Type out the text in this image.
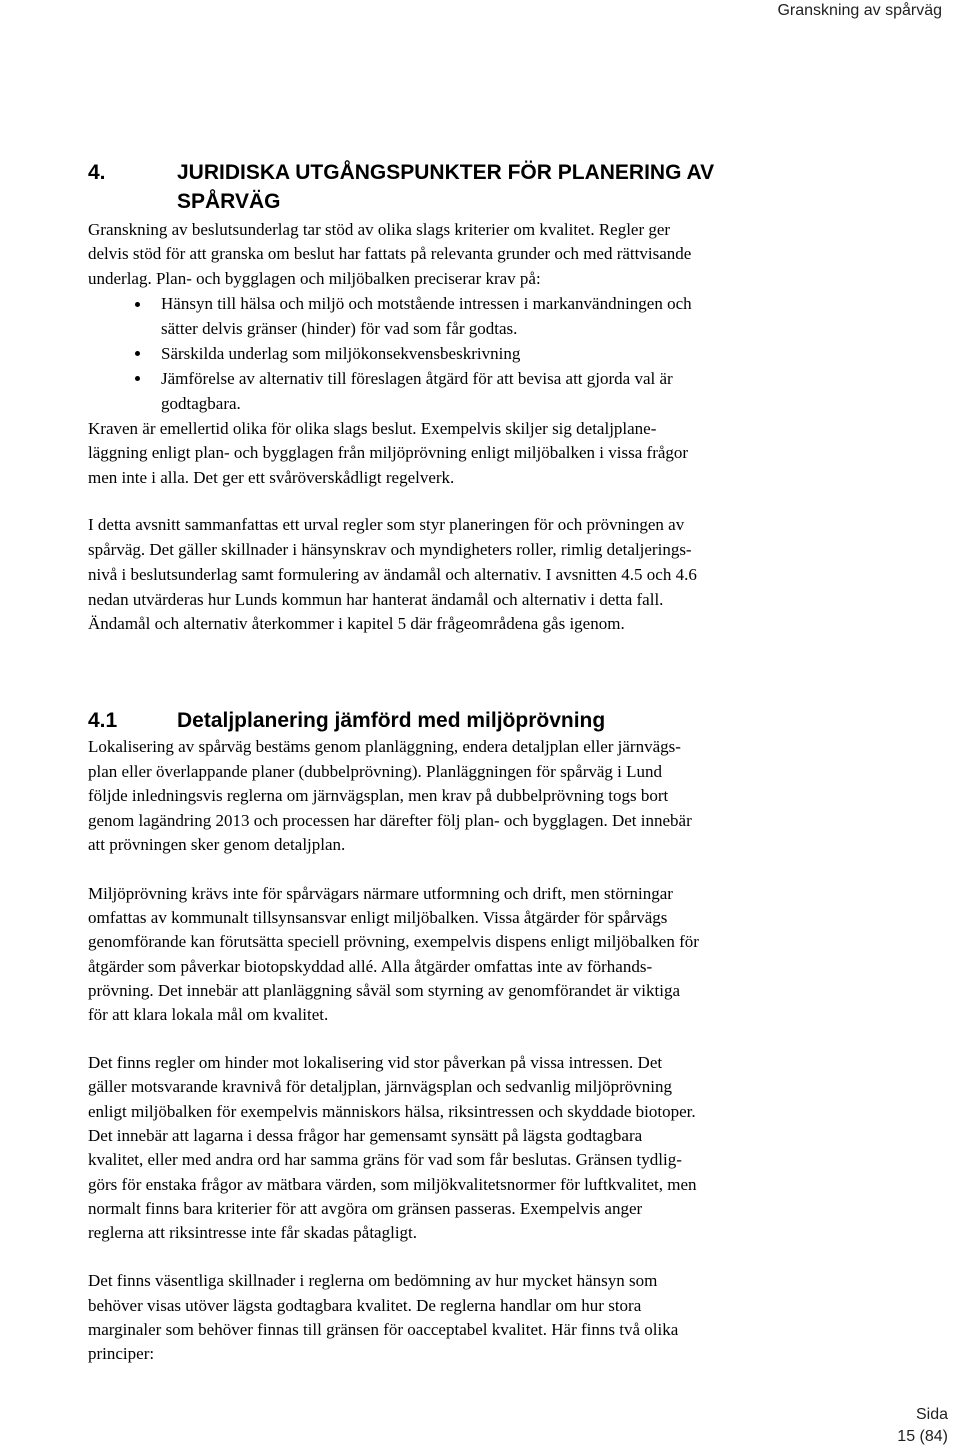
Granskning av spårväg
4.	JURIDISKA UTGÅNGSPUNKTER FÖR PLANERING AV
SPÅRVÄG
Granskning av beslutsunderlag tar stöd av olika slags kriterier om kvalitet. Regler ger
delvis stöd för att granska om beslut har fattats på relevanta grunder och med rättvisande
underlag. Plan- och bygglagen och miljöbalken preciserar krav på:
Hänsyn till hälsa och miljö och motstående intressen i markanvändningen och
sätter delvis gränser (hinder) för vad som får godtas.
Särskilda underlag som miljökonsekvensbeskrivning
Jämförelse av alternativ till föreslagen åtgärd för att bevisa att gjorda val är
godtagbara.
Kraven är emellertid olika för olika slags beslut. Exempelvis skiljer sig detaljplane-
läggning enligt plan- och bygglagen från miljöprövning enligt miljöbalken i vissa frågor
men inte i alla. Det ger ett svåröverskådligt regelverk.
I detta avsnitt sammanfattas ett urval regler som styr planeringen för och prövningen av
spårväg. Det gäller skillnader i hänsynskrav och myndigheters roller, rimlig detaljerings-
nivå i beslutsunderlag samt formulering av ändamål och alternativ. I avsnitten 4.5 och 4.6
nedan utvärderas hur Lunds kommun har hanterat ändamål och alternativ i detta fall.
Ändamål och alternativ återkommer i kapitel 5 där frågeområdena gås igenom.
4.1	Detaljplanering jämförd med miljöprövning
Lokalisering av spårväg bestäms genom planläggning, endera detaljplan eller järnvägs-
plan eller överlappande planer (dubbelprövning). Planläggningen för spårväg i Lund
följde inledningsvis reglerna om järnvägsplan, men krav på dubbelprövning togs bort
genom lagändring 2013 och processen har därefter följ plan- och bygglagen. Det innebär
att prövningen sker genom detaljplan.
Miljöprövning krävs inte för spårvägars närmare utformning och drift, men störningar
omfattas av kommunalt tillsynsansvar enligt miljöbalken. Vissa åtgärder för spårvägs
genomförande kan förutsätta speciell prövning, exempelvis dispens enligt miljöbalken för
åtgärder som påverkar biotopskyddad allé. Alla åtgärder omfattas inte av förhands-
prövning. Det innebär att planläggning såväl som styrning av genomförandet är viktiga
för att klara lokala mål om kvalitet.
Det finns regler om hinder mot lokalisering vid stor påverkan på vissa intressen. Det
gäller motsvarande kravnivå för detaljplan, järnvägsplan och sedvanlig miljöprövning
enligt miljöbalken för exempelvis människors hälsa, riksintressen och skyddade biotoper.
Det innebär att lagarna i dessa frågor har gemensamt synsätt på lägsta godtagbara
kvalitet, eller med andra ord har samma gräns för vad som får beslutas. Gränsen tydlig-
görs för enstaka frågor av mätbara värden, som miljökvalitetsnormer för luftkvalitet, men
normalt finns bara kriterier för att avgöra om gränsen passeras. Exempelvis anger
reglerna att riksintresse inte får skadas påtagligt.
Det finns väsentliga skillnader i reglerna om bedömning av hur mycket hänsyn som
behöver visas utöver lägsta godtagbara kvalitet. De reglerna handlar om hur stora
marginaler som behöver finnas till gränsen för oacceptabel kvalitet. Här finns två olika
principer:
Sida
15 (84)
